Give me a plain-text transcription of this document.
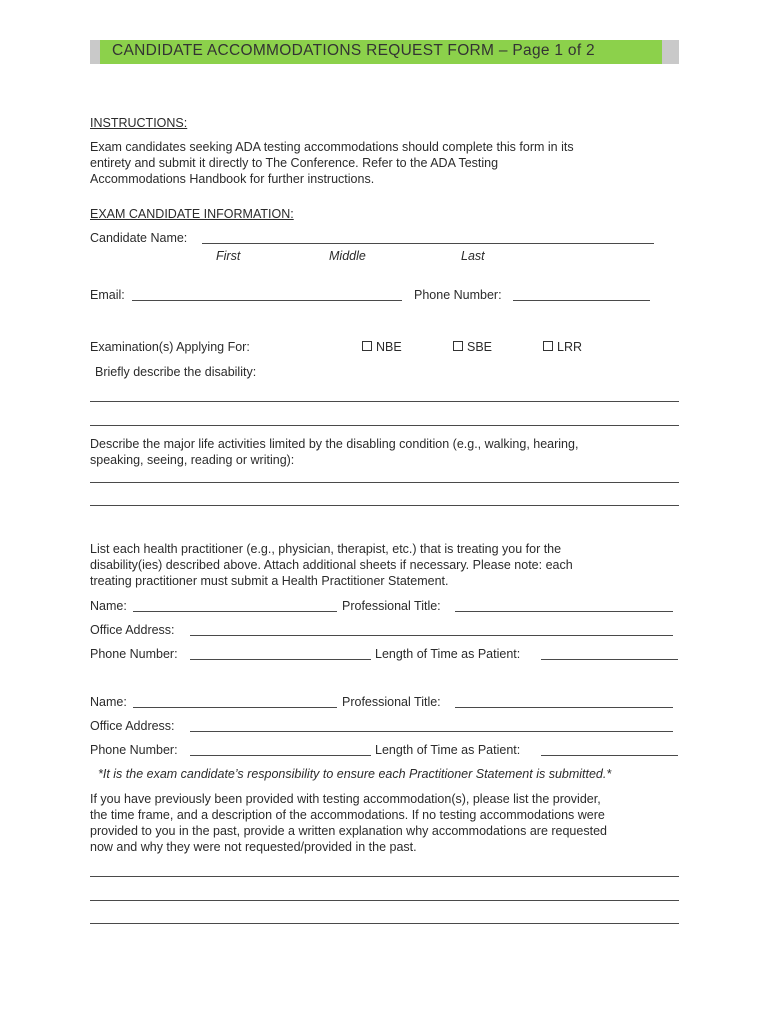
CANDIDATE ACCOMMODATIONS REQUEST FORM – Page 1 of 2
INSTRUCTIONS:
Exam candidates seeking ADA testing accommodations should complete this form in its
entirety and submit it directly to The Conference. Refer to the ADA Testing
Accommodations Handbook for further instructions.
EXAM CANDIDATE INFORMATION:
Candidate Name:
First	Middle	Last
Email:	Phone Number:
Examination(s) Applying For:	NBE	SBE	LRR
Briefly describe the disability:
Describe the major life activities limited by the disabling condition (e.g., walking, hearing,
speaking, seeing, reading or writing):
List each health practitioner (e.g., physician, therapist, etc.) that is treating you for the
disability(ies) described above. Attach additional sheets if necessary. Please note: each
treating practitioner must submit a Health Practitioner Statement.
Name:	Professional Title:
Office Address:
Phone Number:	Length of Time as Patient:
Name:	Professional Title:
Office Address:
Phone Number:	Length of Time as Patient:
*It is the exam candidate’s responsibility to ensure each Practitioner Statement is submitted.*
If you have previously been provided with testing accommodation(s), please list the provider,
the time frame, and a description of the accommodations. If no testing accommodations were
provided to you in the past, provide a written explanation why accommodations are requested
now and why they were not requested/provided in the past.
